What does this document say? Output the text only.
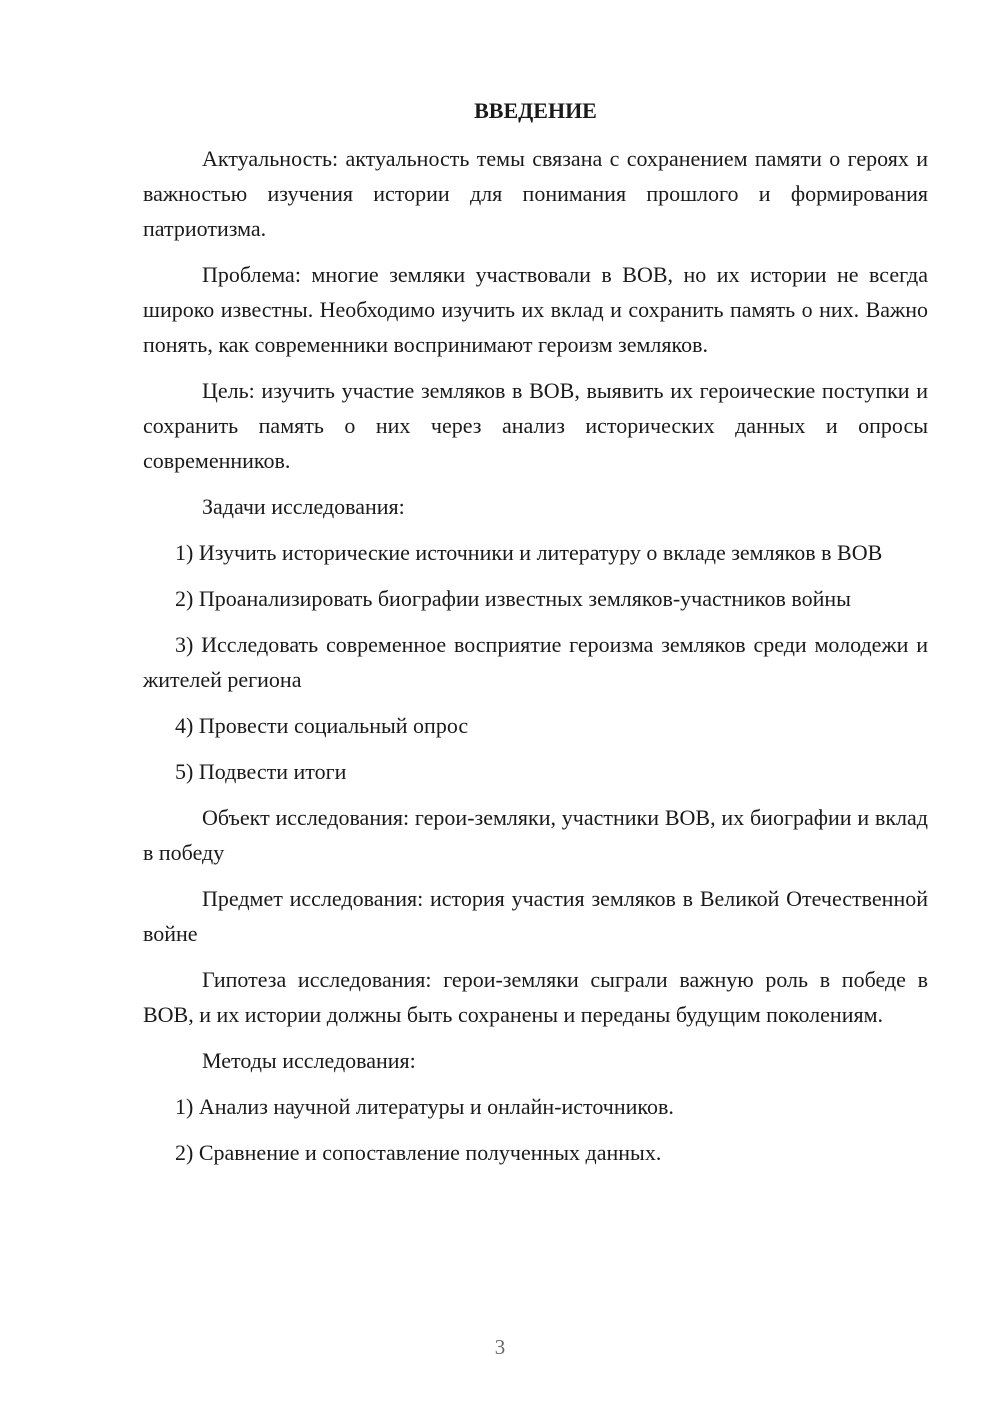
ВВЕДЕНИЕ

Актуальность: актуальность темы связана с сохранением памяти о героях и важностью изучения истории для понимания прошлого и формирования патриотизма.

Проблема: многие земляки участвовали в ВОВ, но их истории не всегда широко известны. Необходимо изучить их вклад и сохранить память о них. Важно понять, как современники воспринимают героизм земляков.

Цель: изучить участие земляков в ВОВ, выявить их героические поступки и сохранить память о них через анализ исторических данных и опросы современников.

Задачи исследования:

1) Изучить исторические источники и литературу о вкладе земляков в ВОВ

2) Проанализировать биографии известных земляков-участников войны

3) Исследовать современное восприятие героизма земляков среди молодежи и жителей региона

4) Провести социальный опрос

5) Подвести итоги

Объект исследования: герои-земляки, участники ВОВ, их биографии и вклад в победу

Предмет исследования: история участия земляков в Великой Отечественной войне

Гипотеза исследования: герои-земляки сыграли важную роль в победе в ВОВ, и их истории должны быть сохранены и переданы будущим поколениям.

Методы исследования:

1) Анализ научной литературы и онлайн-источников.

2) Сравнение и сопоставление полученных данных.

3
